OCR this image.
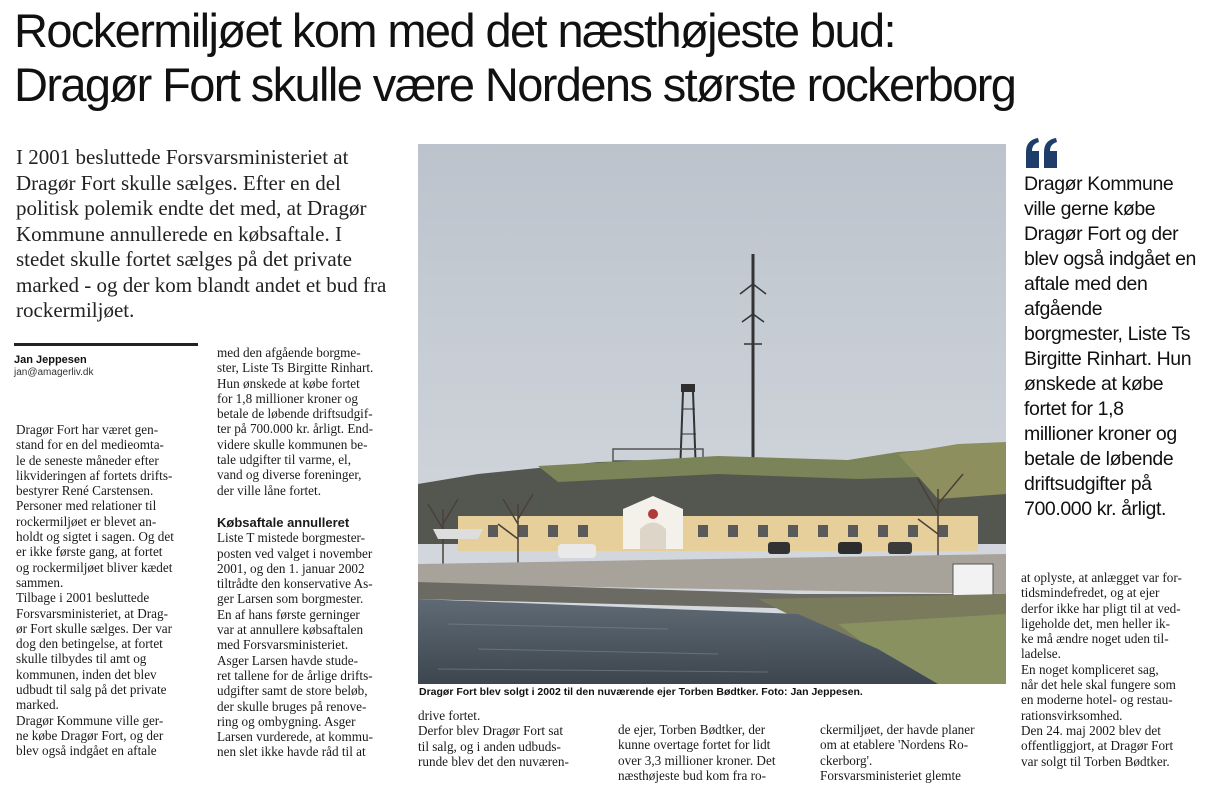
Rockermiljøet kom med det næsthøjeste bud:
Dragør Fort skulle være Nordens største rockerborg

I 2001 besluttede Forsvarsministeriet at
Dragør Fort skulle sælges. Efter en del
politisk polemik endte det med, at Dragør
Kommune annullerede en købsaftale. I
stedet skulle fortet sælges på det private
marked - og der kom blandt andet et bud fra
rockermiljøet.

Jan Jeppesen
jan@amagerliv.dk
Dragør Fort har været gen-
stand for en del medieomta-
le de seneste måneder efter
likvideringen af fortets drifts-
bestyrer René Carstensen.
Personer med relationer til
rockermiljøet er blevet an-
holdt og sigtet i sagen. Og det
er ikke første gang, at fortet
og rockermiljøet bliver kædet
sammen.
Tilbage i 2001 besluttede
Forsvarsministeriet, at Drag-
ør Fort skulle sælges. Der var
dog den betingelse, at fortet
skulle tilbydes til amt og
kommunen, inden det blev
udbudt til salg på det private
marked.
Dragør Kommune ville ger-
ne købe Dragør Fort, og der
blev også indgået en aftale
med den afgående borgme-
ster, Liste Ts Birgitte Rinhart.
Hun ønskede at købe fortet
for 1,8 millioner kroner og
betale de løbende driftsudgif-
ter på 700.000 kr. årligt. End-
videre skulle kommunen be-
tale udgifter til varme, el,
vand og diverse foreninger,
der ville låne fortet.
Købsaftale annulleret
Liste T mistede borgmester-
posten ved valget i november
2001, og den 1. januar 2002
tiltrådte den konservative As-
ger Larsen som borgmester.
En af hans første gerninger
var at annullere købsaftalen
med Forsvarsministeriet.
Asger Larsen havde stude-
ret tallene for de årlige drifts-
udgifter samt de store beløb,
der skulle bruges på renove-
ring og ombygning. Asger
Larsen vurderede, at kommu-
nen slet ikke havde råd til at
Dragør Fort blev solgt i 2002 til den nuværende ejer Torben Bødtker. Foto: Jan Jeppesen.
drive fortet.
Derfor blev Dragør Fort sat
til salg, og i anden udbuds-
runde blev det den nuværen-
de ejer, Torben Bødtker, der
kunne overtage fortet for lidt
over 3,3 millioner kroner. Det
næsthøjeste bud kom fra ro-
ckermiljøet, der havde planer
om at etablere 'Nordens Ro-
ckerborg'.
Forsvarsministeriet glemte
at oplyste, at anlægget var for-
tidsmindefredet, og at ejer
derfor ikke har pligt til at ved-
ligeholde det, men heller ik-
ke må ændre noget uden til-
ladelse.
En noget kompliceret sag,
når det hele skal fungere som
en moderne hotel- og restau-
rationsvirksomhed.
Den 24. maj 2002 blev det
offentliggjort, at Dragør Fort
var solgt til Torben Bødtker.
Dragør Kommune
ville gerne købe
Dragør Fort og der
blev også indgået en
aftale med den
afgående
borgmester, Liste Ts
Birgitte Rinhart. Hun
ønskede at købe
fortet for 1,8
millioner kroner og
betale de løbende
driftsudgifter på
700.000 kr. årligt.
